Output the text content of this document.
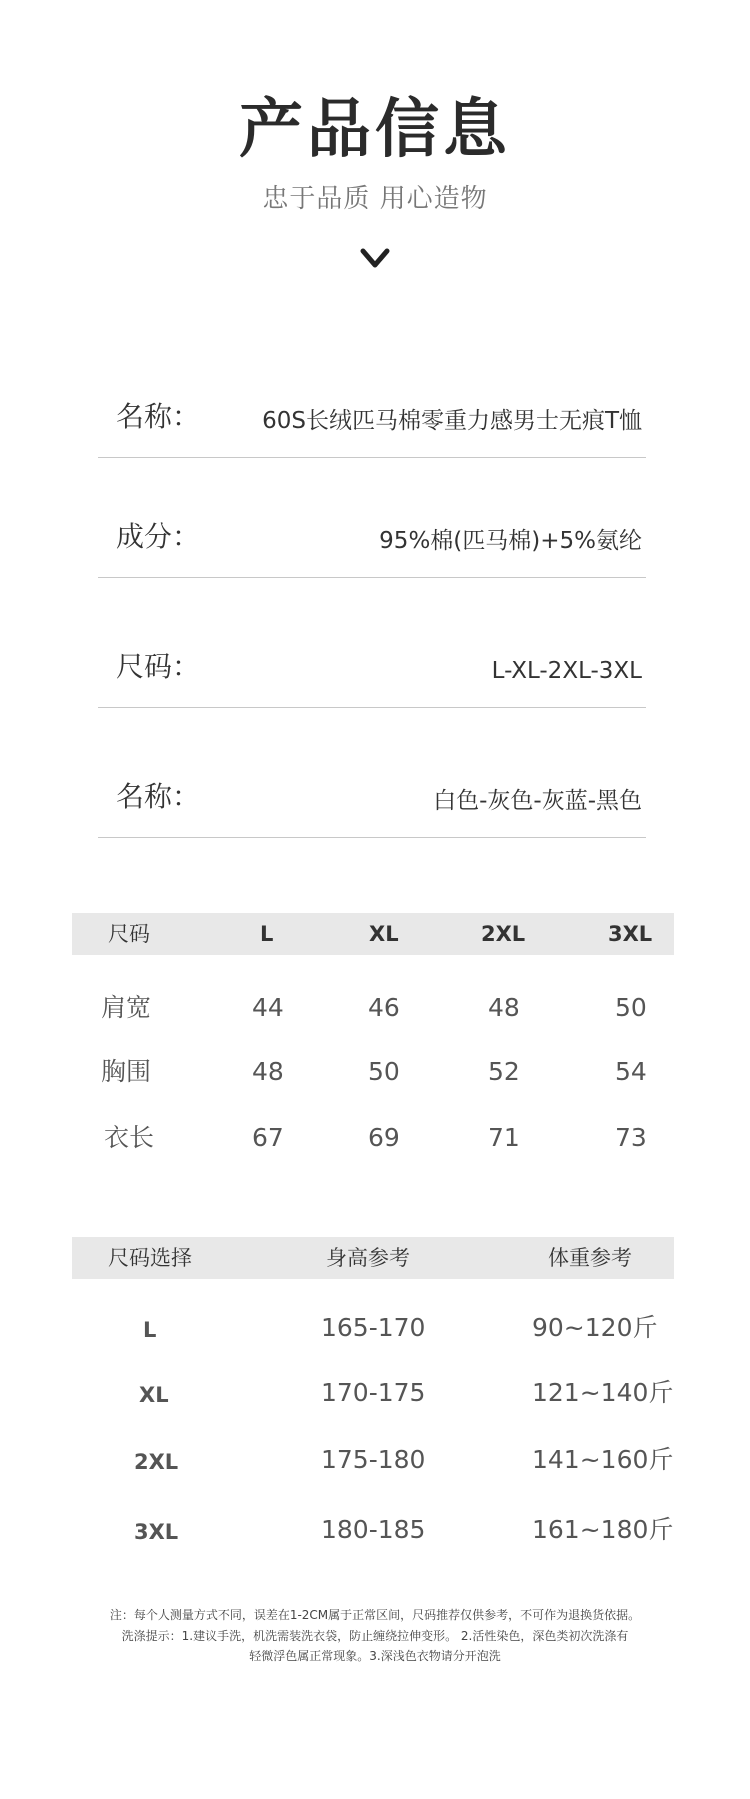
产品信息
忠于品质 用心造物
名称：	60S长绒匹马棉零重力感男士无痕T恤
成分：	95%棉(匹马棉)+5%氨纶
尺码：	L-XL-2XL-3XL
名称：	白色-灰色-灰蓝-黑色
尺码	L	XL	2XL	3XL
肩宽	44	46	48	50
胸围	48	50	52	54
衣长	67	69	71	73
尺码选择	身高参考	体重参考
L	165-170	90~120斤
XL	170-175	121~140斤
2XL	175-180	141~160斤
3XL	180-185	161~180斤
注：每个人测量方式不同，误差在1-2CM属于正常区间，尺码推荐仅供参考，不可作为退换货依据。
洗涤提示：1.建议手洗，机洗需装洗衣袋，防止缠绕拉伸变形。 2.活性染色，深色类初次洗涤有
轻微浮色属正常现象。3.深浅色衣物请分开泡洗
